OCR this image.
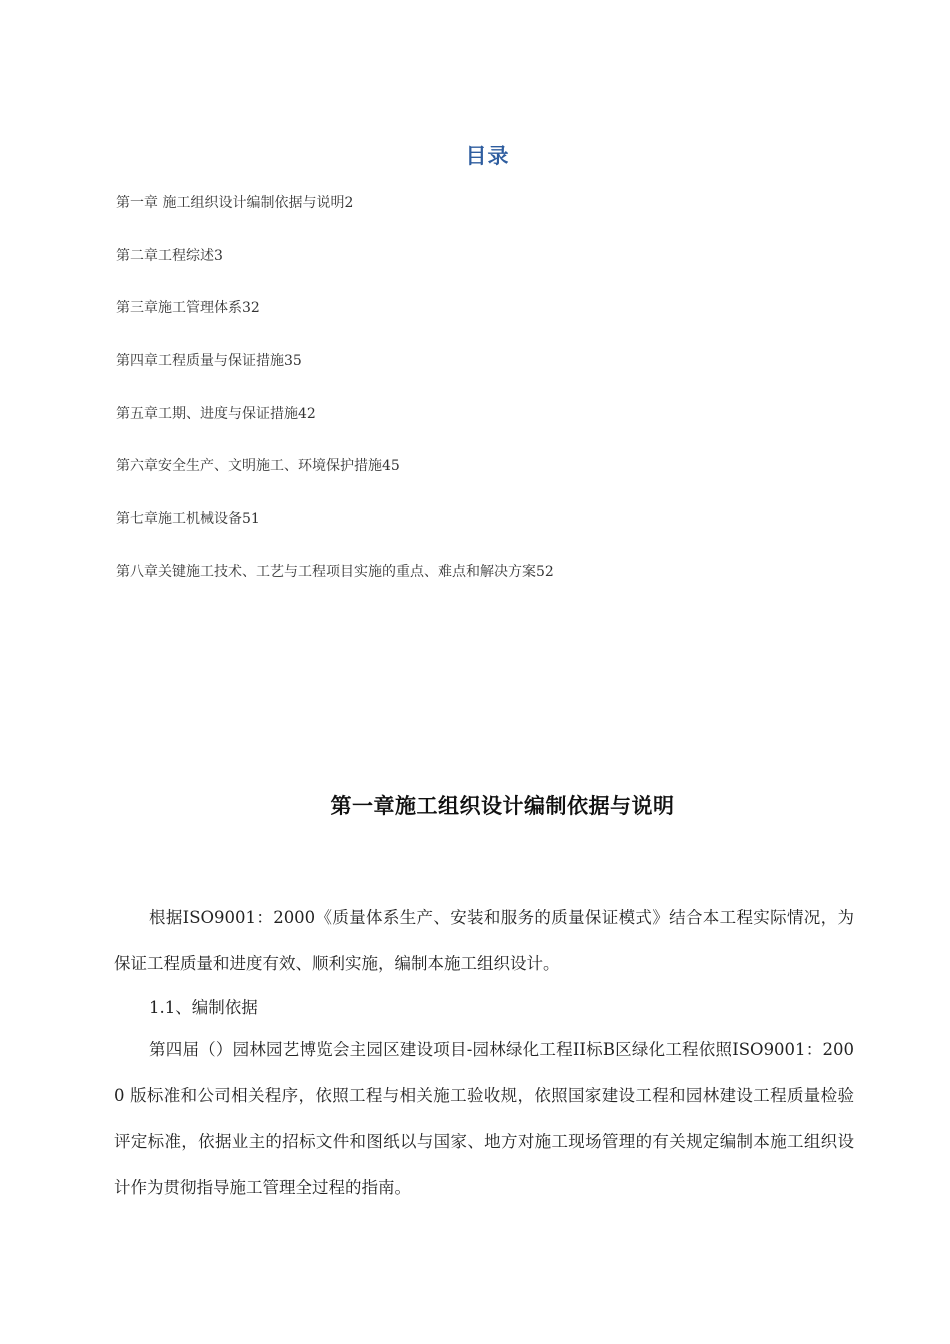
目录
第一章 施工组织设计编制依据与说明2
第二章工程综述3
第三章施工管理体系32
第四章工程质量与保证措施35
第五章工期、进度与保证措施42
第六章安全生产、文明施工、环境保护措施45
第七章施工机械设备51
第八章关键施工技术、工艺与工程项目实施的重点、难点和解决方案52
第一章施工组织设计编制依据与说明

根据ISO9001：2000《质量体系生产、安装和服务的质量保证模式》结合本工程实际情况，为保证工程质量和进度有效、顺利实施，编制本施工组织设计。

1.1、编制依据

第四届（）园林园艺博览会主园区建设项目-园林绿化工程II标B区绿化工程依照ISO9001：2000 版标准和公司相关程序，依照工程与相关施工验收规，依照国家建设工程和园林建设工程质量检验评定标准，依据业主的招标文件和图纸以与国家、地方对施工现场管理的有关规定编制本施工组织设计作为贯彻指导施工管理全过程的指南。
